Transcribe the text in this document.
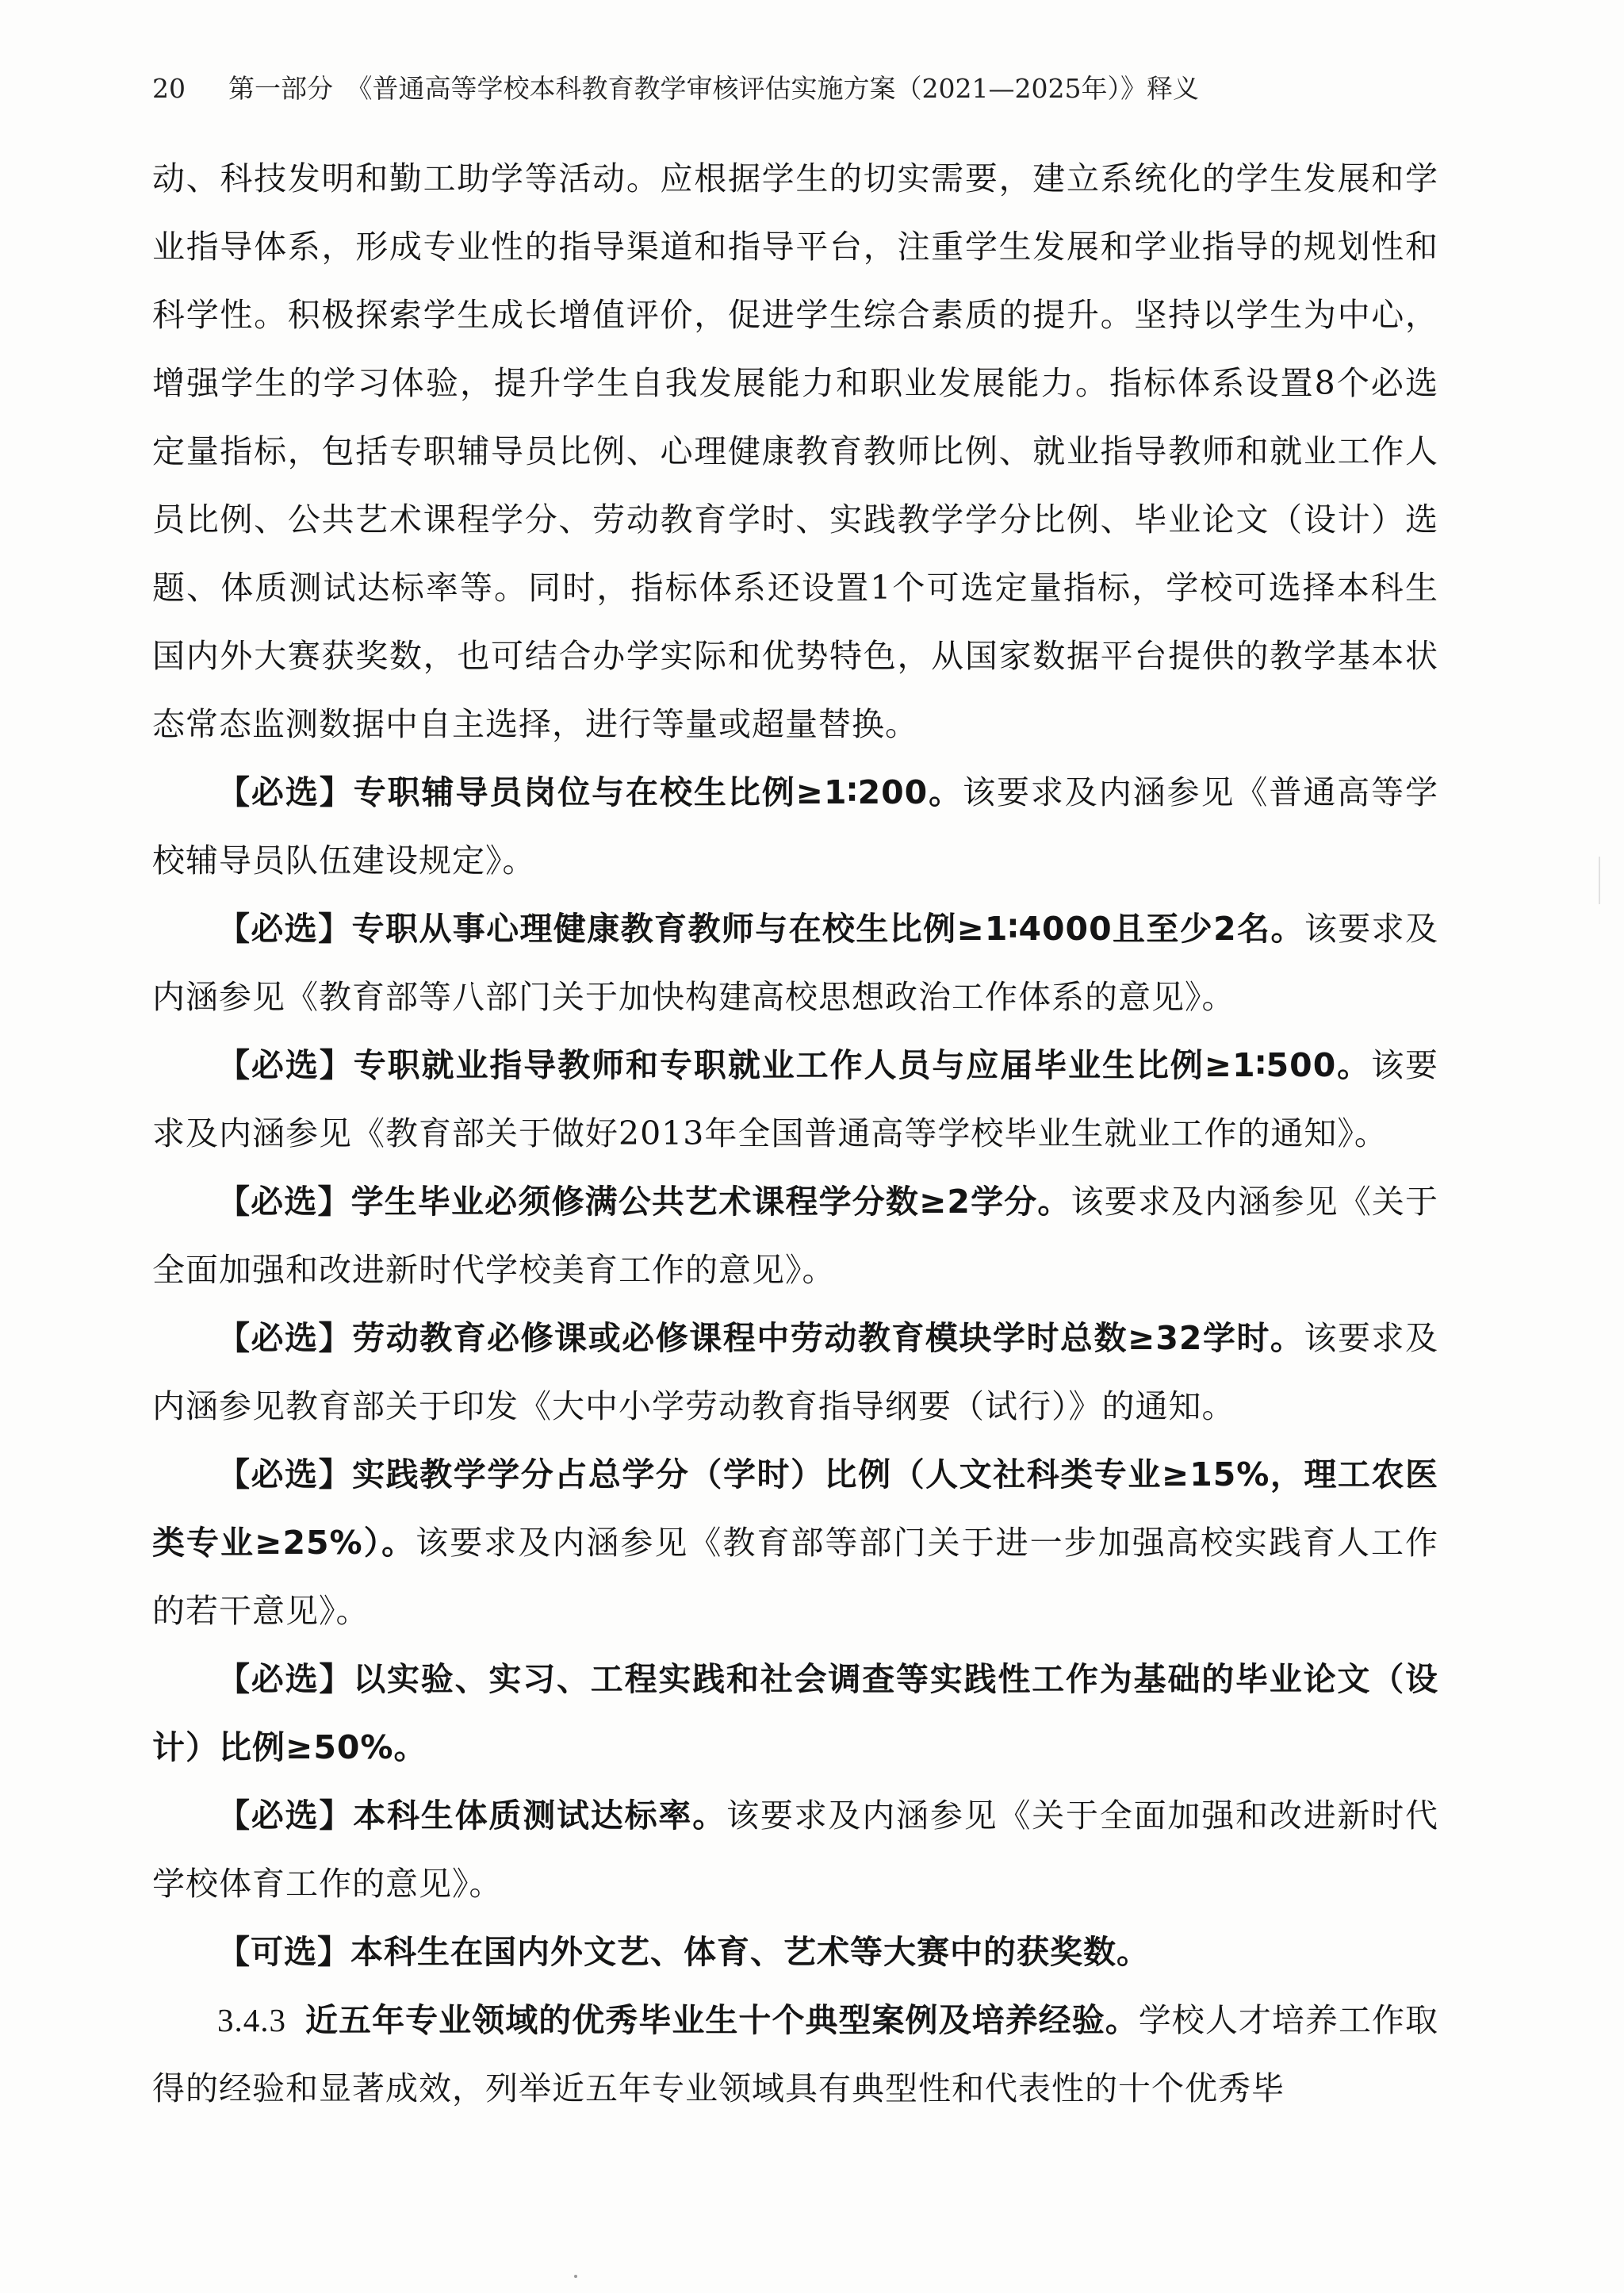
20 第一部分　《普通高等学校本科教育教学审核评估实施方案（2021—2025年）》释义

动、科技发明和勤工助学等活动。应根据学生的切实需要，建立系统化的学生发展和学业指导体系，形成专业性的指导渠道和指导平台，注重学生发展和学业指导的规划性和科学性。积极探索学生成长增值评价，促进学生综合素质的提升。坚持以学生为中心，增强学生的学习体验，提升学生自我发展能力和职业发展能力。指标体系设置8个必选定量指标，包括专职辅导员比例、心理健康教育教师比例、就业指导教师和就业工作人员比例、公共艺术课程学分、劳动教育学时、实践教学学分比例、毕业论文（设计）选题、体质测试达标率等。同时，指标体系还设置1个可选定量指标，学校可选择本科生国内外大赛获奖数，也可结合办学实际和优势特色，从国家数据平台提供的教学基本状态常态监测数据中自主选择，进行等量或超量替换。

【必选】专职辅导员岗位与在校生比例≥1∶200。该要求及内涵参见《普通高等学校辅导员队伍建设规定》。

【必选】专职从事心理健康教育教师与在校生比例≥1∶4000且至少2名。该要求及内涵参见《教育部等八部门关于加快构建高校思想政治工作体系的意见》。

【必选】专职就业指导教师和专职就业工作人员与应届毕业生比例≥1∶500。该要求及内涵参见《教育部关于做好2013年全国普通高等学校毕业生就业工作的通知》。

【必选】学生毕业必须修满公共艺术课程学分数≥2学分。该要求及内涵参见《关于全面加强和改进新时代学校美育工作的意见》。

【必选】劳动教育必修课或必修课程中劳动教育模块学时总数≥32学时。该要求及内涵参见教育部关于印发《大中小学劳动教育指导纲要（试行）》的通知。

【必选】实践教学学分占总学分（学时）比例（人文社科类专业≥15%，理工农医类专业≥25%）。该要求及内涵参见《教育部等部门关于进一步加强高校实践育人工作的若干意见》。

【必选】以实验、实习、工程实践和社会调查等实践性工作为基础的毕业论文（设计）比例≥50%。

【必选】本科生体质测试达标率。该要求及内涵参见《关于全面加强和改进新时代学校体育工作的意见》。

【可选】本科生在国内外文艺、体育、艺术等大赛中的获奖数。

3.4.3 近五年专业领域的优秀毕业生十个典型案例及培养经验。学校人才培养工作取得的经验和显著成效，列举近五年专业领域具有典型性和代表性的十个优秀毕
